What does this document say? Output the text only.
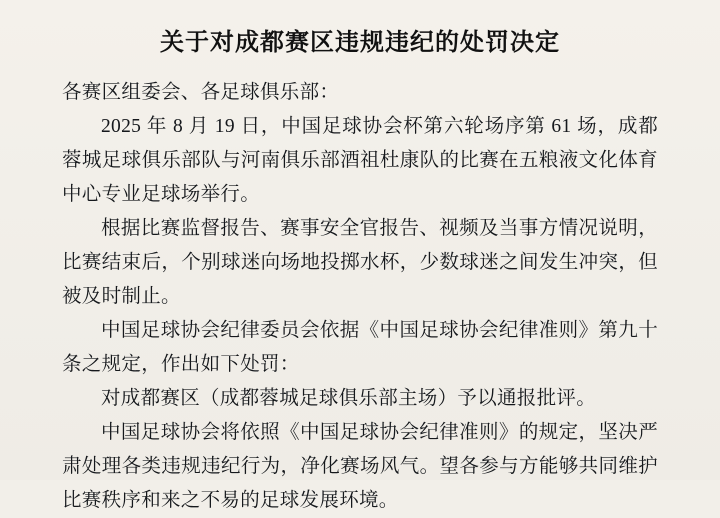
关于对成都赛区违规违纪的处罚决定

各赛区组委会、各足球俱乐部：

2025 年 8 月 19 日，中国足球协会杯第六轮场序第 61 场，成都蓉城足球俱乐部队与河南俱乐部酒祖杜康队的比赛在五粮液文化体育中心专业足球场举行。

根据比赛监督报告、赛事安全官报告、视频及当事方情况说明，比赛结束后，个别球迷向场地投掷水杯，少数球迷之间发生冲突，但被及时制止。

中国足球协会纪律委员会依据《中国足球协会纪律准则》第九十条之规定，作出如下处罚：

对成都赛区（成都蓉城足球俱乐部主场）予以通报批评。

中国足球协会将依照《中国足球协会纪律准则》的规定，坚决严肃处理各类违规违纪行为，净化赛场风气。望各参与方能够共同维护比赛秩序和来之不易的足球发展环境。
